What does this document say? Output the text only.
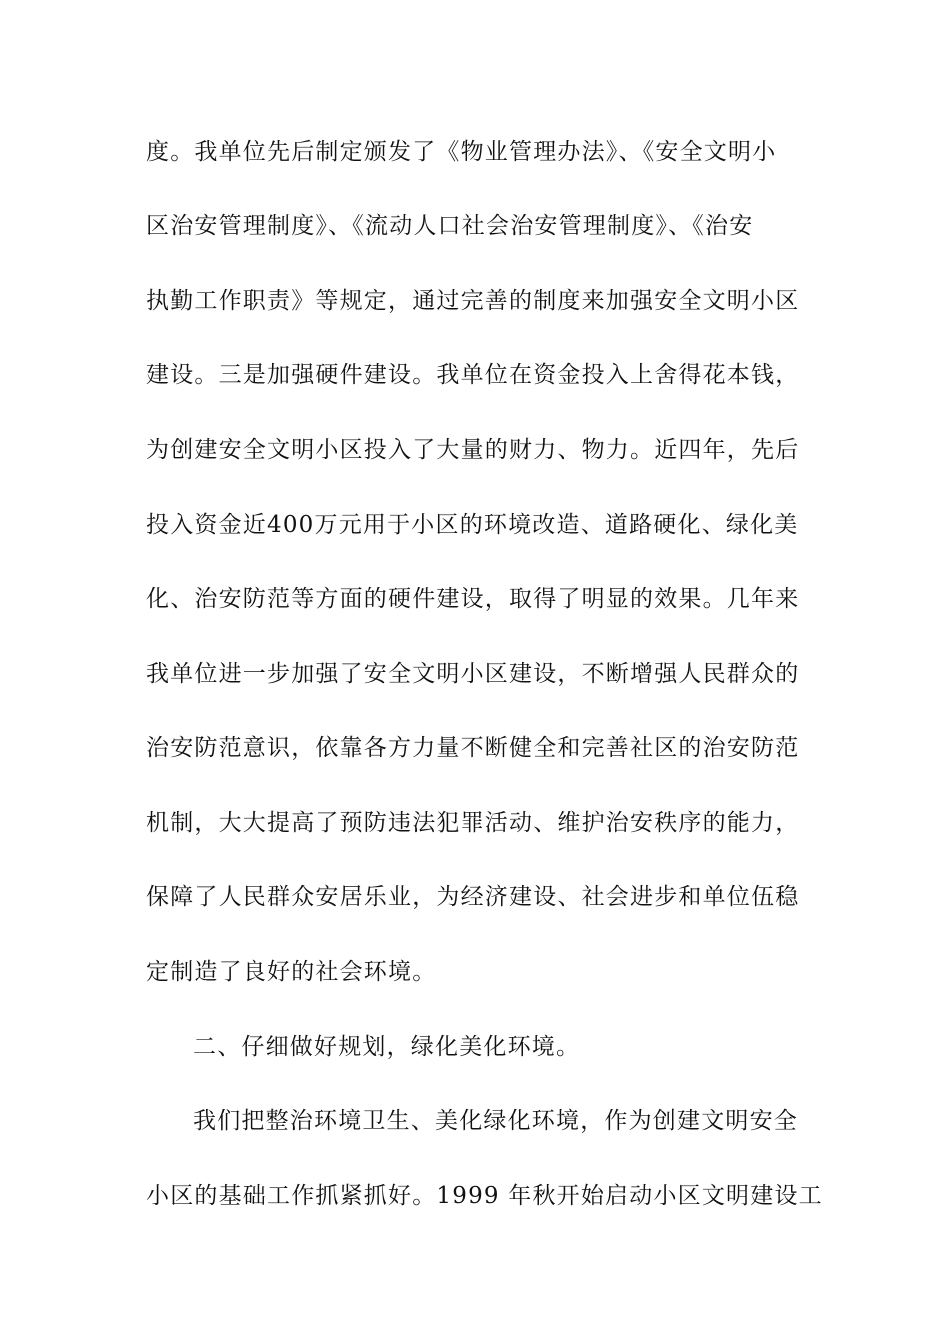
度。我单位先后制定颁发了《物业管理办法》、《安全文明小
区治安管理制度》、《流动人口社会治安管理制度》、《治安
执勤工作职责》等规定，通过完善的制度来加强安全文明小区
建设。三是加强硬件建设。我单位在资金投入上舍得花本钱，
为创建安全文明小区投入了大量的财力、物力。近四年，先后
投入资金近400万元用于小区的环境改造、道路硬化、绿化美
化、治安防范等方面的硬件建设，取得了明显的效果。几年来
我单位进一步加强了安全文明小区建设，不断增强人民群众的
治安防范意识，依靠各方力量不断健全和完善社区的治安防范
机制，大大提高了预防违法犯罪活动、维护治安秩序的能力，
保障了人民群众安居乐业，为经济建设、社会进步和单位伍稳
定制造了良好的社会环境。
二、仔细做好规划，绿化美化环境。
我们把整治环境卫生、美化绿化环境，作为创建文明安全
小区的基础工作抓紧抓好。1999 年秋开始启动小区文明建设工
